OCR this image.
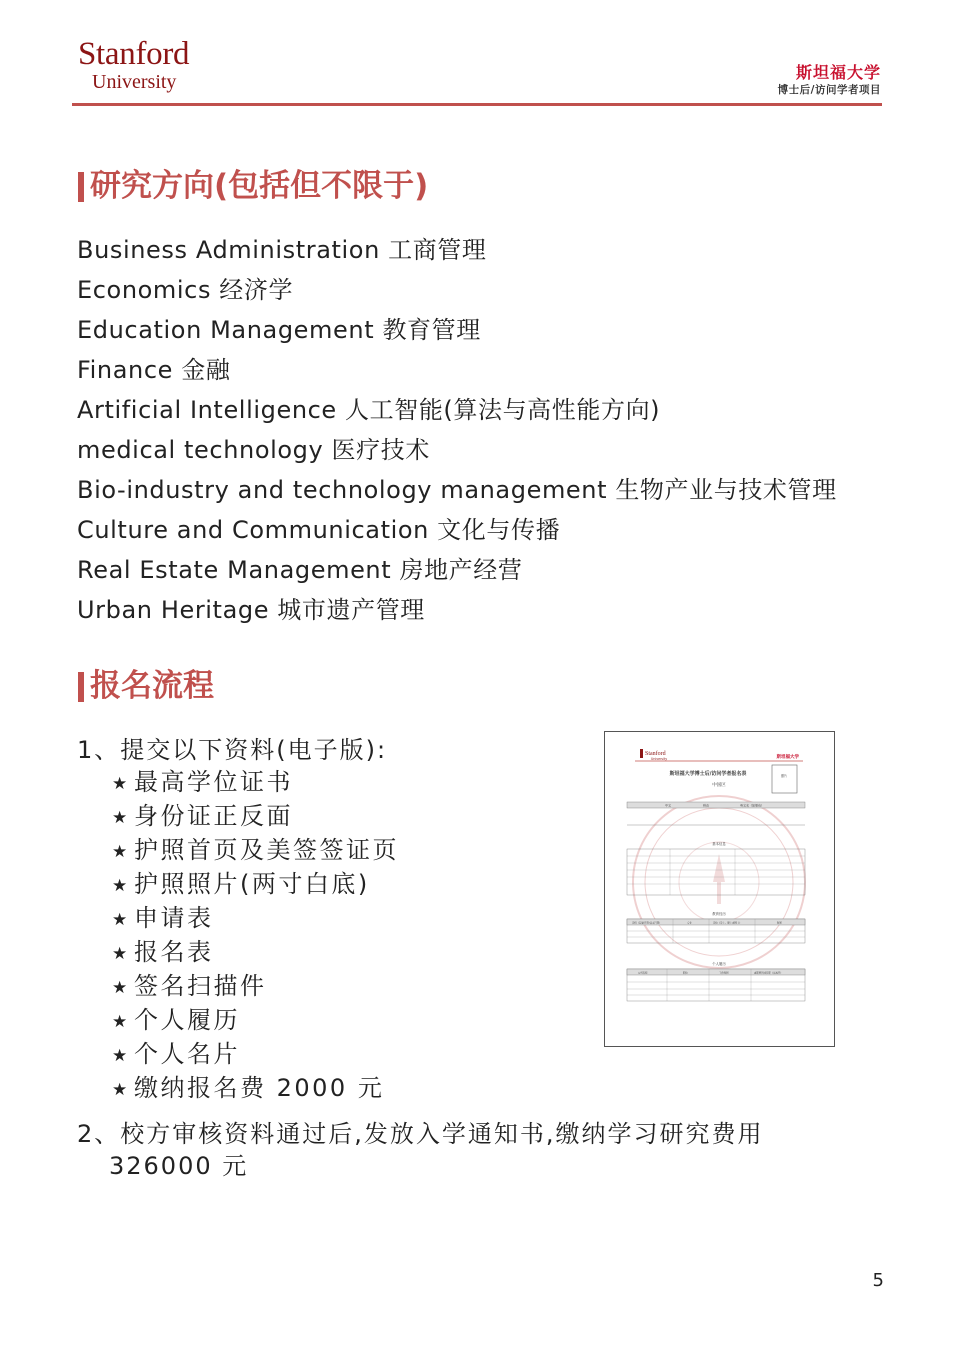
Stanford
University	斯坦福大学
博士后/访问学者项目
研究方向(包括但不限于)
Business Administration 工商管理
Economics 经济学
Education Management 教育管理
Finance 金融
Artificial Intelligence 人工智能(算法与高性能方向)
medical technology 医疗技术
Bio-industry and technology management 生物产业与技术管理
Culture and Communication 文化与传播
Real Estate Management 房地产经营
Urban Heritage 城市遗产管理
报名流程
1、提交以下资料(电子版):
★ 最高学位证书
★ 身份证正反面
★ 护照首页及美签签证页
★ 护照照片(两寸白底)
★ 申请表
★ 报名表
★ 签名扫描件
★ 个人履历
★ 个人名片
★ 缴纳报名费 2000 元
2、校方审核资料通过后,发放入学通知书,缴纳学习研究费用
326000 元
Stanford
University	斯坦福大学
斯坦福大学博士后/访问学者报名表
中国区
照片
中文	拼音	英文名（如果有）
基本信息
教育经历
学校（起始日期-结束日期）	专业	学位（学士、硕士或博士）	时间
个人履历
公司名称	职位	工作时间	离职原因或在职（若离开）
5
